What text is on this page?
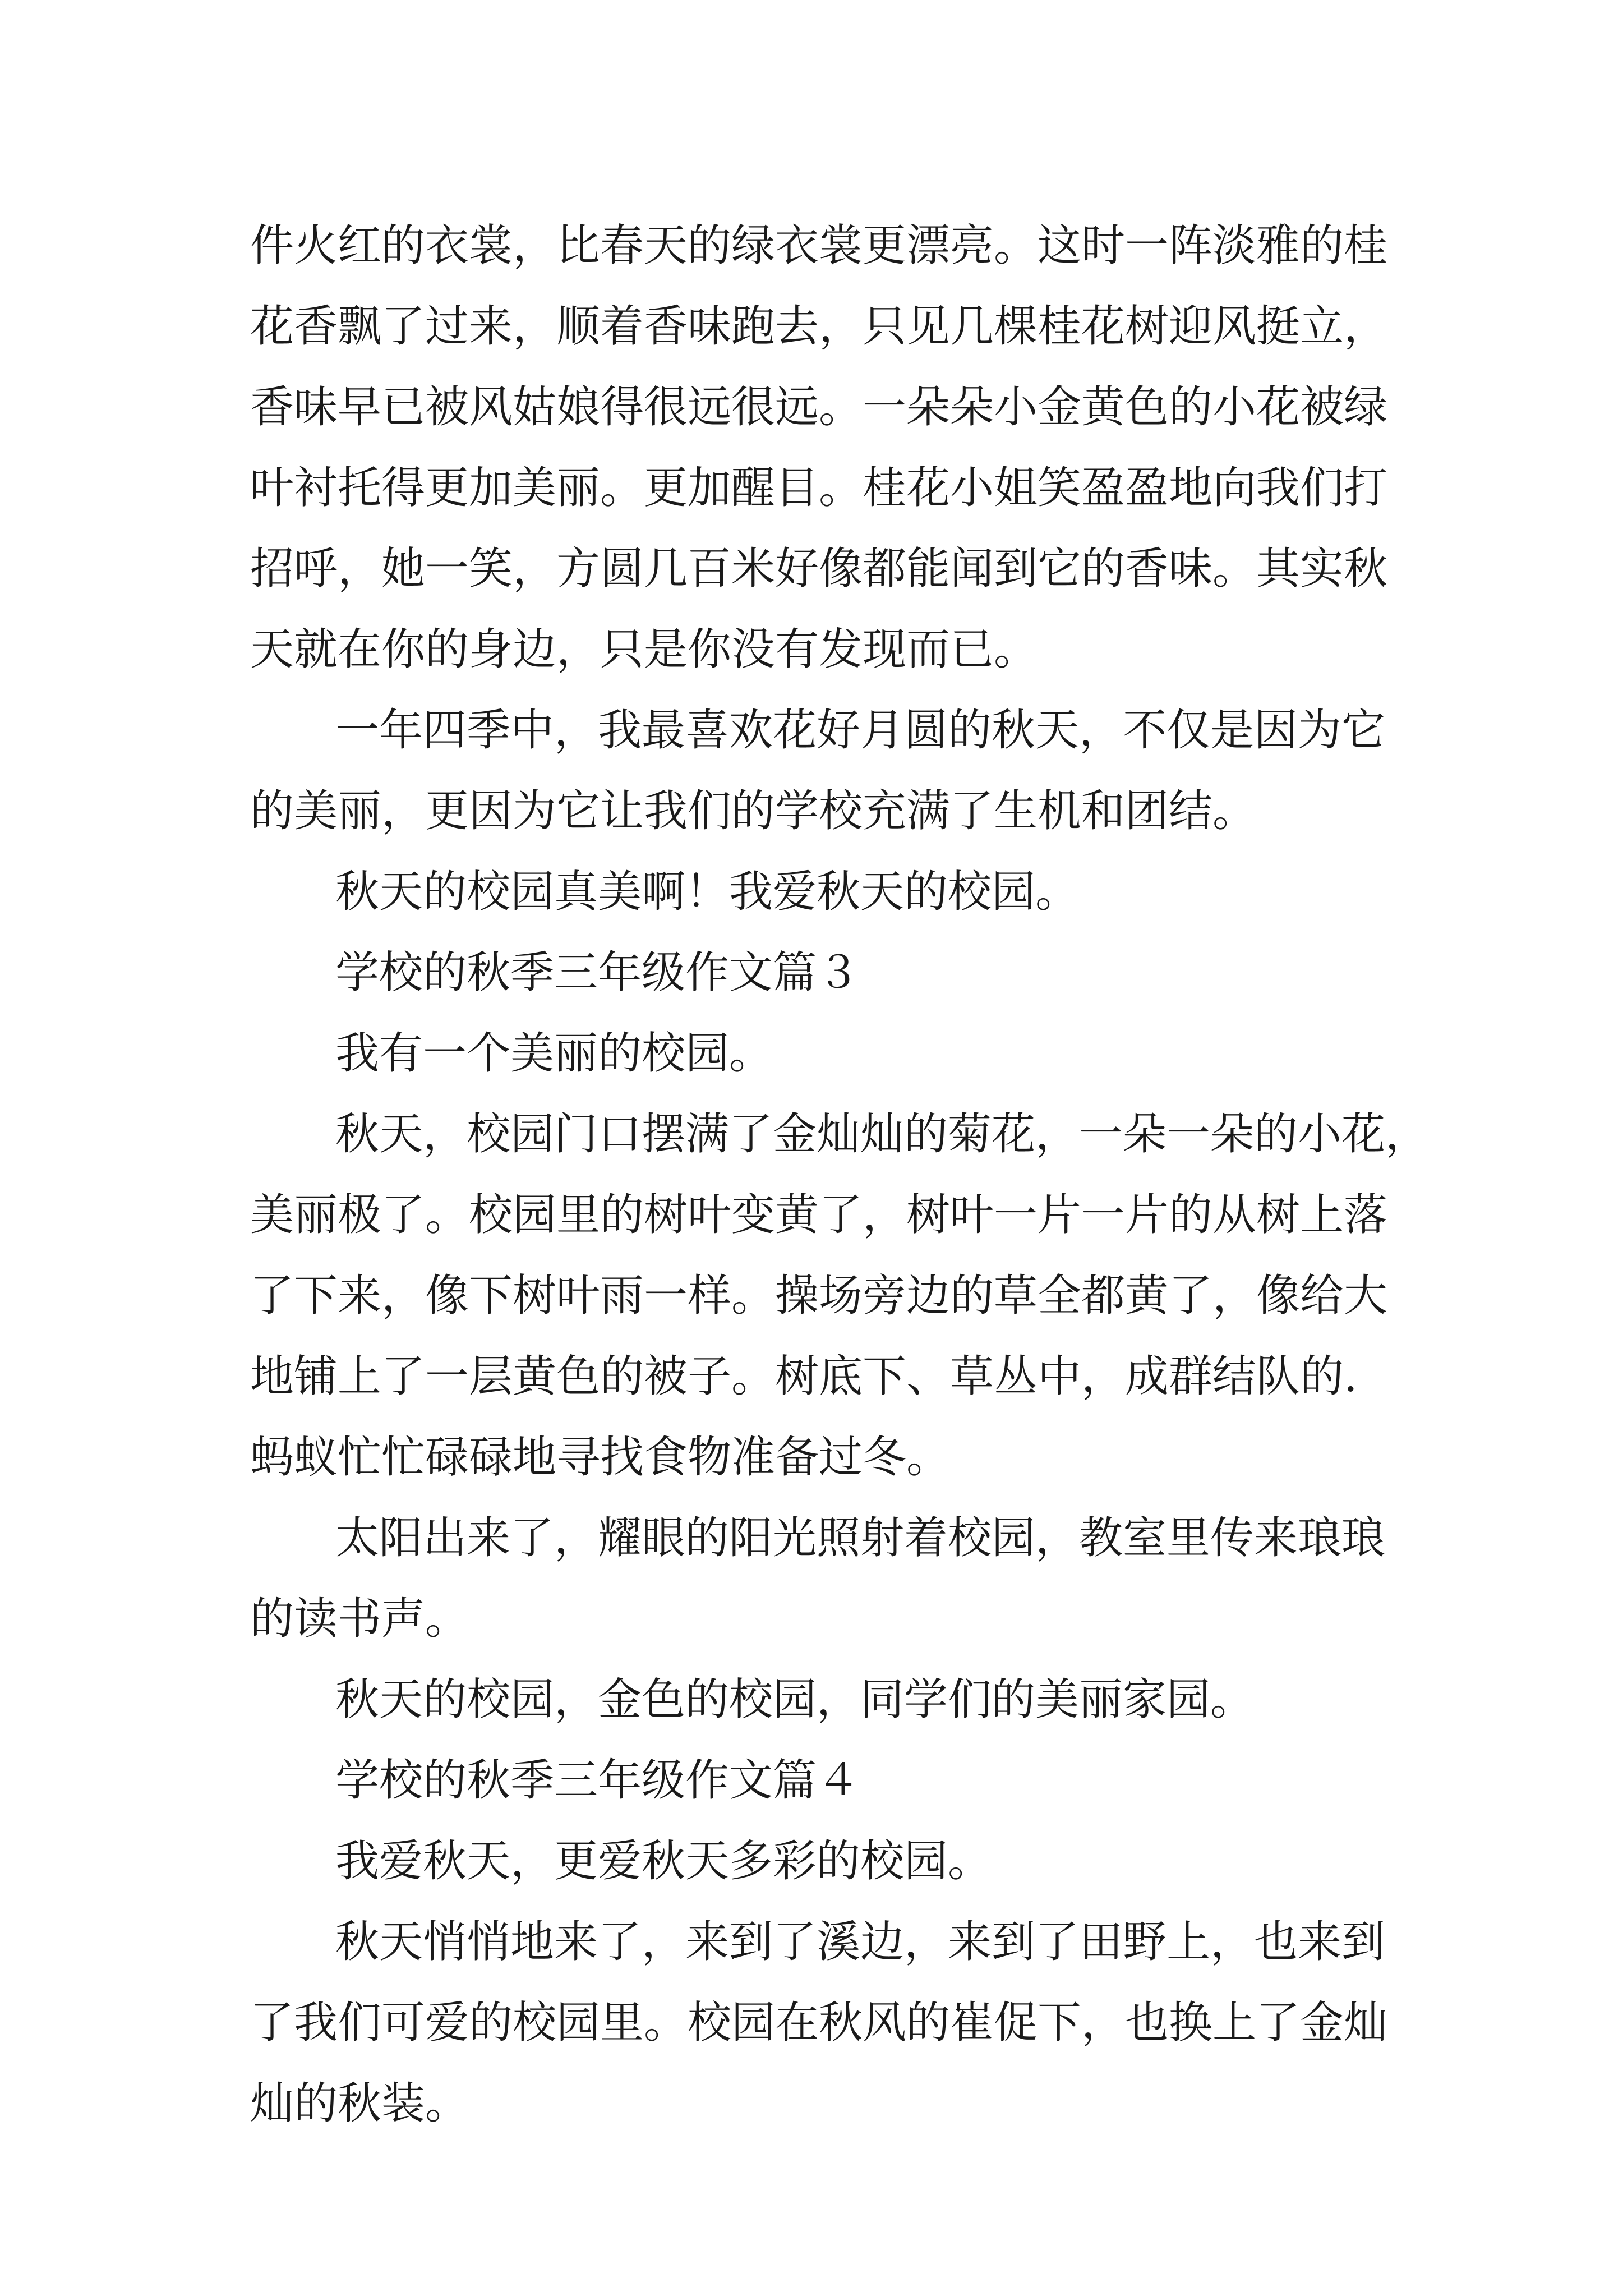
件火红的衣裳，比春天的绿衣裳更漂亮。这时一阵淡雅的桂
花香飘了过来，顺着香味跑去，只见几棵桂花树迎风挺立，
香味早已被风姑娘得很远很远。一朵朵小金黄色的小花被绿
叶衬托得更加美丽。更加醒目。桂花小姐笑盈盈地向我们打
招呼，她一笑，方圆几百米好像都能闻到它的香味。其实秋
天就在你的身边，只是你没有发现而已。
一年四季中，我最喜欢花好月圆的秋天，不仅是因为它
的美丽，更因为它让我们的学校充满了生机和团结。
秋天的校园真美啊！我爱秋天的校园。
学校的秋季三年级作文篇３
我有一个美丽的校园。
秋天，校园门口摆满了金灿灿的菊花，一朵一朵的小花，
美丽极了。校园里的树叶变黄了，树叶一片一片的从树上落
了下来，像下树叶雨一样。操场旁边的草全都黄了，像给大
地铺上了一层黄色的被子。树底下、草丛中，成群结队的.
蚂蚁忙忙碌碌地寻找食物准备过冬。
太阳出来了，耀眼的阳光照射着校园，教室里传来琅琅
的读书声。
秋天的校园，金色的校园，同学们的美丽家园。
学校的秋季三年级作文篇４
我爱秋天，更爱秋天多彩的校园。
秋天悄悄地来了，来到了溪边，来到了田野上，也来到
了我们可爱的校园里。校园在秋风的崔促下，也换上了金灿
灿的秋装。
